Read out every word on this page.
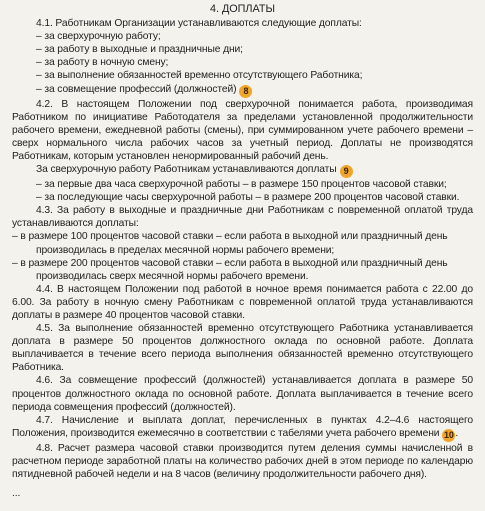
4. ДОПЛАТЫ

4.1. Работникам Организации устанавливаются следующие доплаты:

– за сверхурочную работу;

– за работу в выходные и праздничные дни;

– за работу в ночную смену;

– за выполнение обязанностей временно отсутствующего Работника;

– за совмещение профессий (должностей) 8

4.2. В настоящем Положении под сверхурочной понимается работа, производимая Работником по инициативе Работодателя за пределами установленной продолжительности рабочего времени, ежедневной работы (смены), при суммированном учете рабочего времени – сверх нормального числа рабочих часов за учетный период. Доплаты не производятся Работникам, которым установлен ненормированный рабочий день.

За сверхурочную работу Работникам устанавливаются доплаты 9

– за первые два часа сверхурочной работы – в размере 150 процентов часовой ставки;

– за последующие часы сверхурочной работы – в размере 200 процентов часовой ставки.

4.3. За работу в выходные и праздничные дни Работникам с повременной оплатой труда устанавливаются доплаты:

– в размере 100 процентов часовой ставки – если работа в выходной или праздничный день производилась в пределах месячной нормы рабочего времени;

– в размере 200 процентов часовой ставки – если работа в выходной или праздничный день производилась сверх месячной нормы рабочего времени.

4.4. В настоящем Положении под работой в ночное время понимается работа с 22.00 до 6.00. За работу в ночную смену Работникам с повременной оплатой труда устанавливаются доплаты в размере 40 процентов часовой ставки.

4.5. За выполнение обязанностей временно отсутствующего Работника устанавливается доплата в размере 50 процентов должностного оклада по основной работе. Доплата выплачивается в течение всего периода выполнения обязанностей временно отсутствующего Работника.

4.6. За совмещение профессий (должностей) устанавливается доплата в размере 50 процентов должностного оклада по основной работе. Доплата выплачивается в течение всего периода совмещения профессий (должностей).

4.7. Начисление и выплата доплат, перечисленных в пунктах 4.2–4.6 настоящего Положения, производится ежемесячно в соответствии с табелями учета рабочего времени 10 .

4.8. Расчет размера часовой ставки производится путем деления суммы начисленной в расчетном периоде заработной платы на количество рабочих дней в этом периоде по календарю пятидневной рабочей недели и на 8 часов (величину продолжительности рабочего дня).

...
